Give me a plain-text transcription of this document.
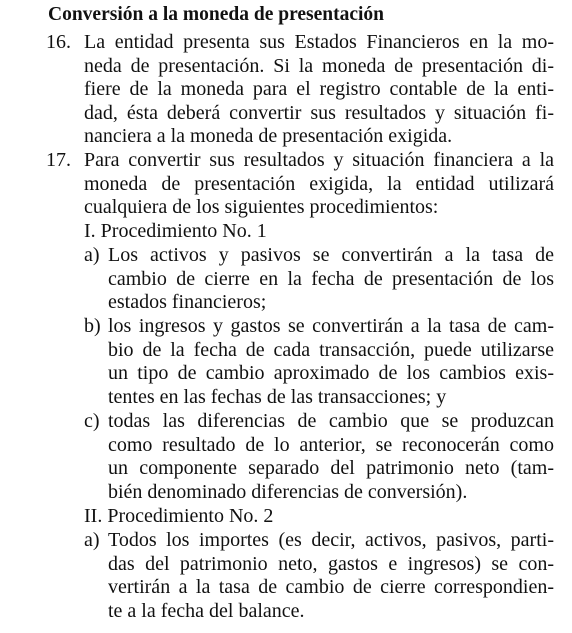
Conversión a la moneda de presentación
16. La entidad presenta sus Estados Financieros en la mo-
neda de presentación. Si la moneda de presentación di-
fiere de la moneda para el registro contable de la enti-
dad, ésta deberá convertir sus resultados y situación fi-
nanciera a la moneda de presentación exigida.
17. Para convertir sus resultados y situación financiera a la
moneda de presentación exigida, la entidad utilizará
cualquiera de los siguientes procedimientos:
I. Procedimiento No. 1
a) Los activos y pasivos se convertirán a la tasa de
cambio de cierre en la fecha de presentación de los
estados financieros;
b) los ingresos y gastos se convertirán a la tasa de cam-
bio de la fecha de cada transacción, puede utilizarse
un tipo de cambio aproximado de los cambios exis-
tentes en las fechas de las transacciones; y
c) todas las diferencias de cambio que se produzcan
como resultado de lo anterior, se reconocerán como
un componente separado del patrimonio neto (tam-
bién denominado diferencias de conversión).
II. Procedimiento No. 2
a) Todos los importes (es decir, activos, pasivos, parti-
das del patrimonio neto, gastos e ingresos) se con-
vertirán a la tasa de cambio de cierre correspondien-
te a la fecha del balance.
